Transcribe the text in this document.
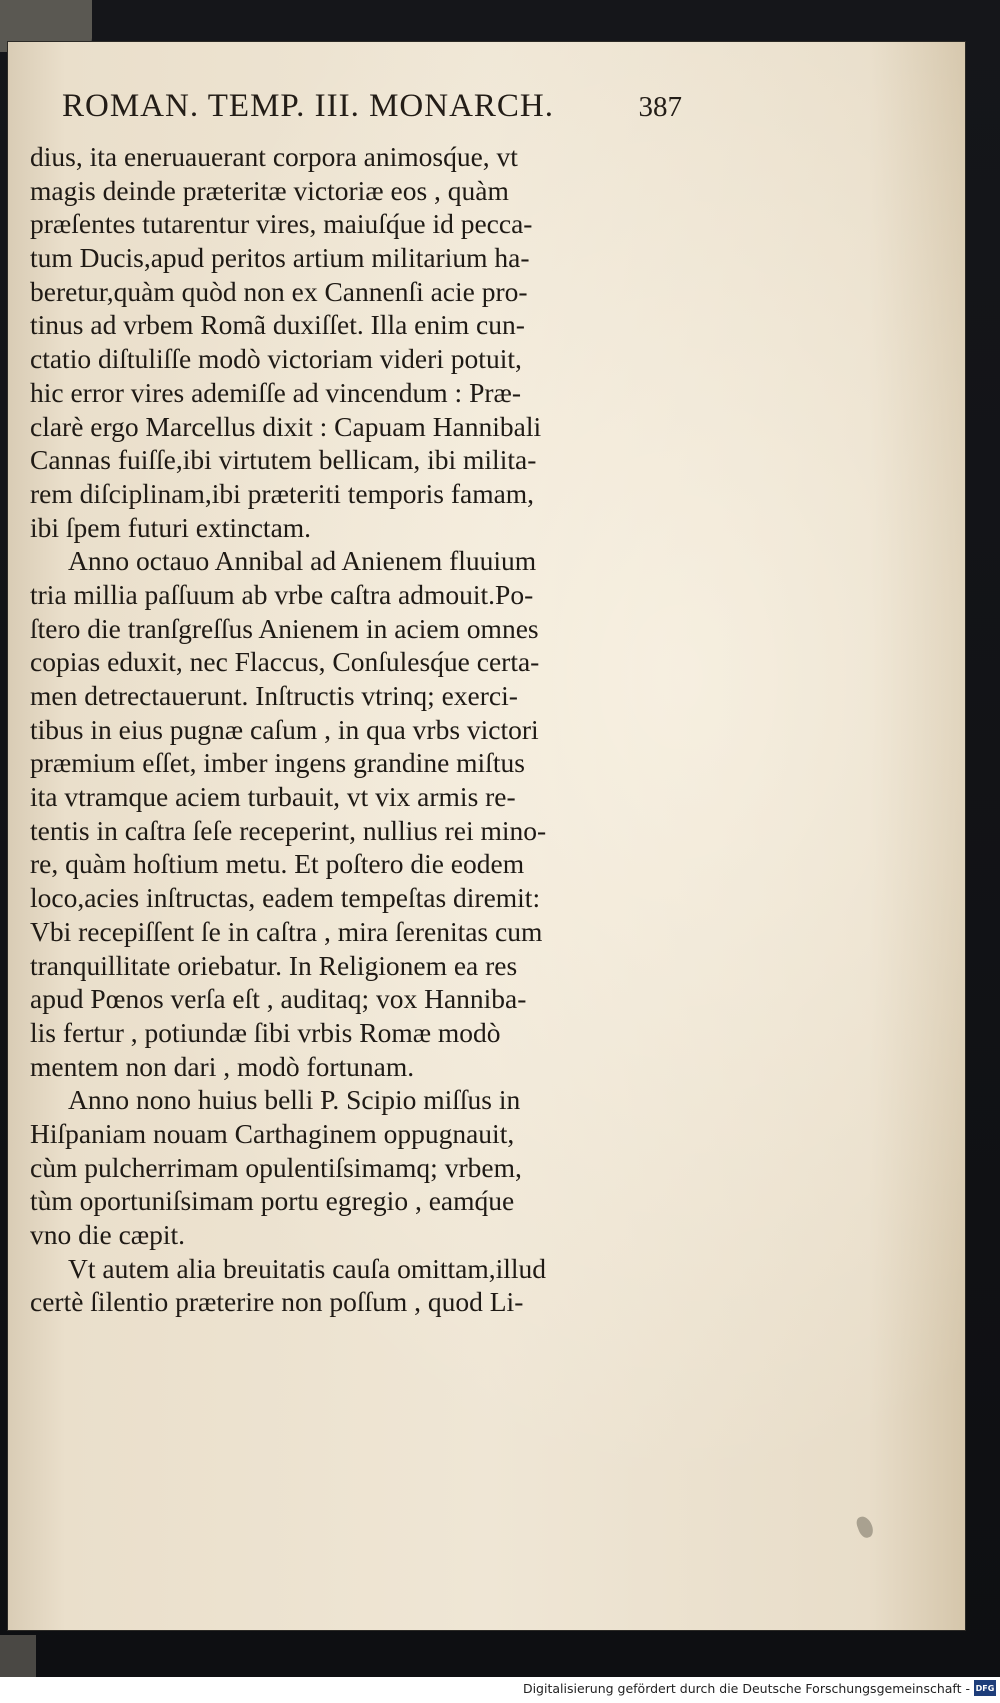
ROMAN. TEMP. III. MONARCH.	387
dius, ita eneruauerant corpora animosq́ue, vt
magis deinde præteritæ victoriæ eos , quàm
præſentes tutarentur vires, maiuſq́ue id pecca-
tum Ducis,apud peritos artium militarium ha-
beretur,quàm quòd non ex Cannenſi acie pro-
tinus ad vrbem Romã duxiſſet. Illa enim cun-
ctatio diſtuliſſe modò victoriam videri potuit,
hic error vires ademiſſe ad vincendum : Præ-
clarè ergo Marcellus dixit : Capuam Hannibali
Cannas fuiſſe,ibi virtutem bellicam, ibi milita-
rem diſciplinam,ibi præteriti temporis famam,
ibi ſpem futuri extinctam.
Anno octauo Annibal ad Anienem fluuium
tria millia paſſuum ab vrbe caſtra admouit.Po-
ſtero die tranſgreſſus Anienem in aciem omnes
copias eduxit, nec Flaccus, Conſulesq́ue certa-
men detrectauerunt. Inſtructis vtrinq; exerci-
tibus in eius pugnæ caſum , in qua vrbs victori
præmium eſſet, imber ingens grandine miſtus
ita vtramque aciem turbauit, vt vix armis re-
tentis in caſtra ſeſe receperint, nullius rei mino-
re, quàm hoſtium metu. Et poſtero die eodem
loco,acies inſtructas, eadem tempeſtas diremit:
Vbi recepiſſent ſe in caſtra , mira ſerenitas cum
tranquillitate oriebatur. In Religionem ea res
apud Pœnos verſa eſt , auditaq; vox Hanniba-
lis fertur , potiundæ ſibi vrbis Romæ modò
mentem non dari , modò fortunam.
Anno nono huius belli P. Scipio miſſus in
Hiſpaniam nouam Carthaginem oppugnauit,
cùm pulcherrimam opulentiſsimamq; vrbem,
tùm oportuniſsimam portu egregio , eamq́ue
vno die cæpit.
Vt autem alia breuitatis cauſa omittam,illud
certè ſilentio præterire non poſſum , quod Li-
Digitalisierung gefördert durch die Deutsche Forschungsgemeinschaft - DFG
